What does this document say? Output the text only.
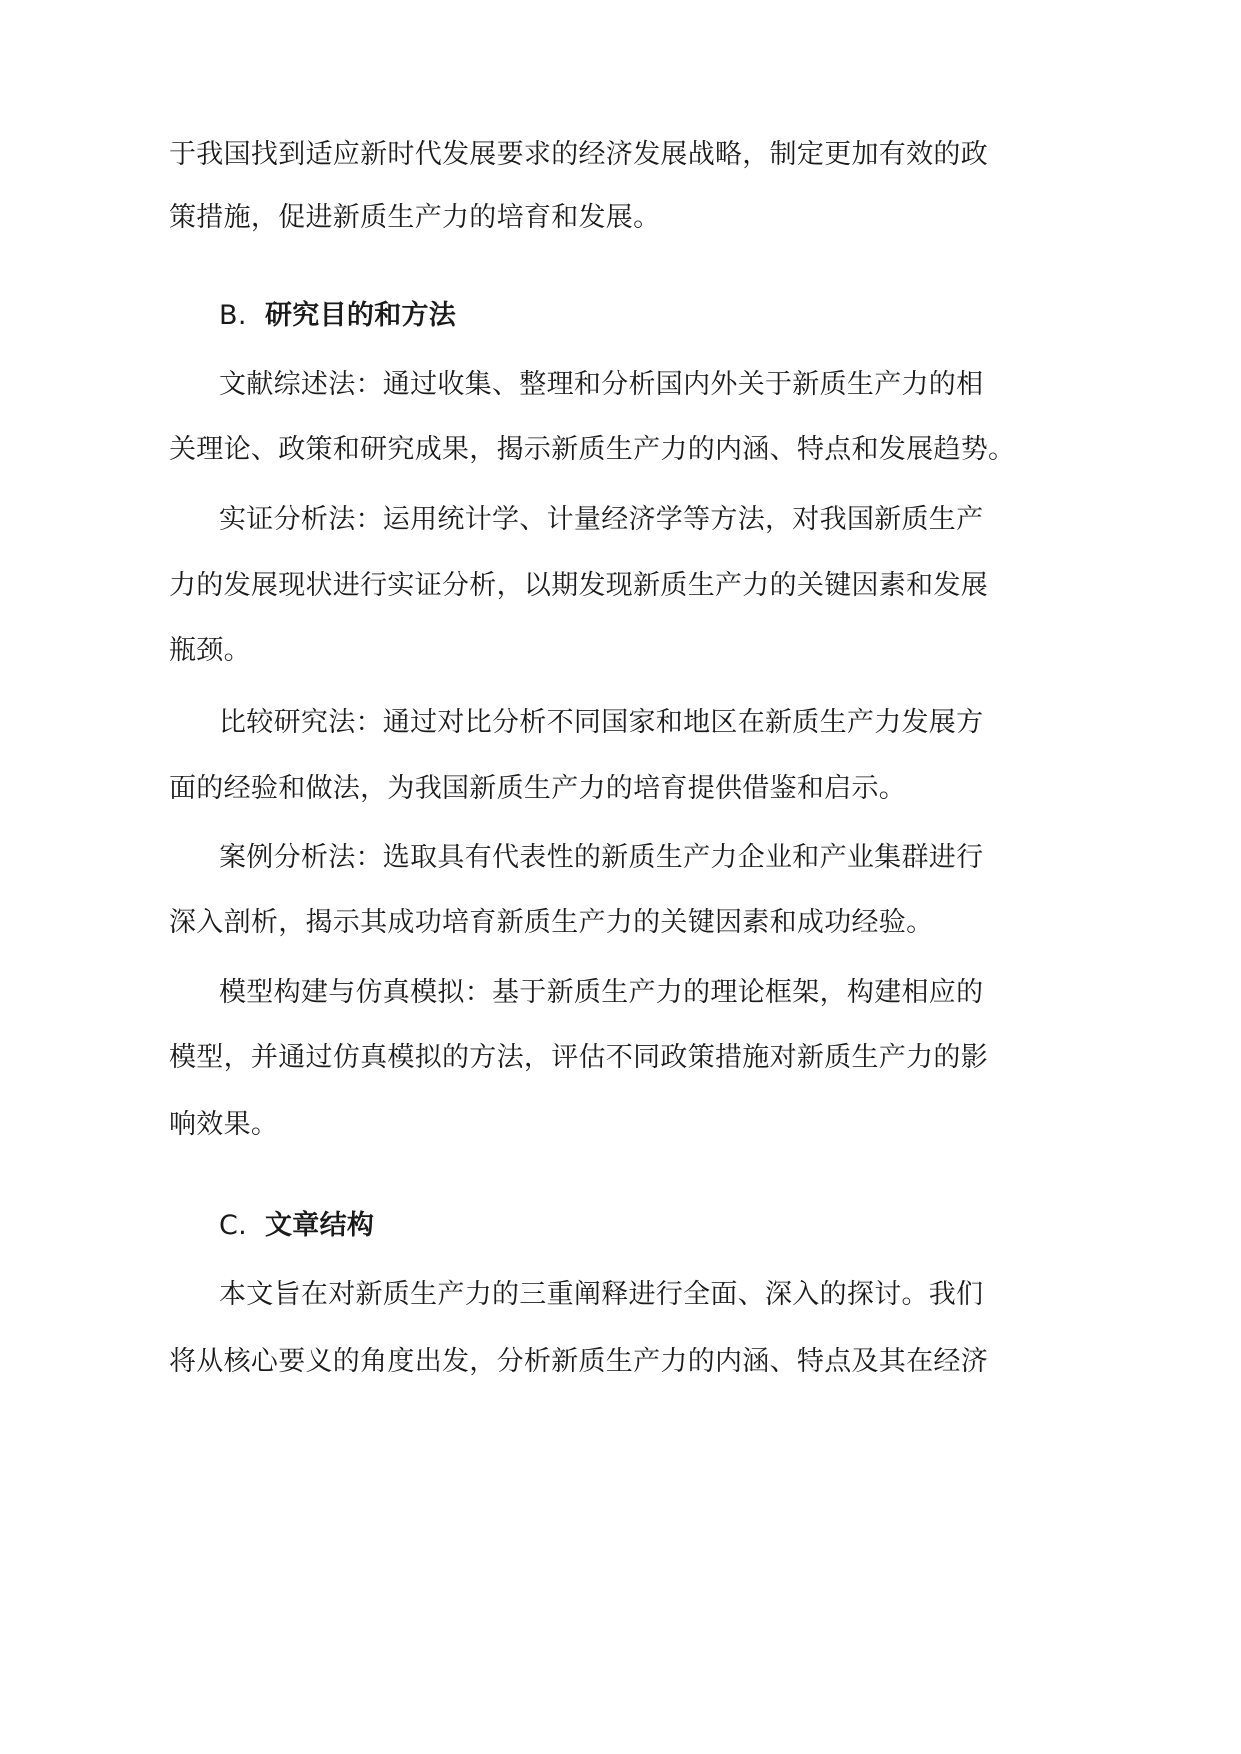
于我国找到适应新时代发展要求的经济发展战略，制定更加有效的政

策措施，促进新质生产力的培育和发展。

B. 研究目的和方法

文献综述法：通过收集、整理和分析国内外关于新质生产力的相

关理论、政策和研究成果，揭示新质生产力的内涵、特点和发展趋势。

实证分析法：运用统计学、计量经济学等方法，对我国新质生产

力的发展现状进行实证分析，以期发现新质生产力的关键因素和发展

瓶颈。

比较研究法：通过对比分析不同国家和地区在新质生产力发展方

面的经验和做法，为我国新质生产力的培育提供借鉴和启示。

案例分析法：选取具有代表性的新质生产力企业和产业集群进行

深入剖析，揭示其成功培育新质生产力的关键因素和成功经验。

模型构建与仿真模拟：基于新质生产力的理论框架，构建相应的

模型，并通过仿真模拟的方法，评估不同政策措施对新质生产力的影

响效果。

C. 文章结构

本文旨在对新质生产力的三重阐释进行全面、深入的探讨。我们

将从核心要义的角度出发，分析新质生产力的内涵、特点及其在经济
